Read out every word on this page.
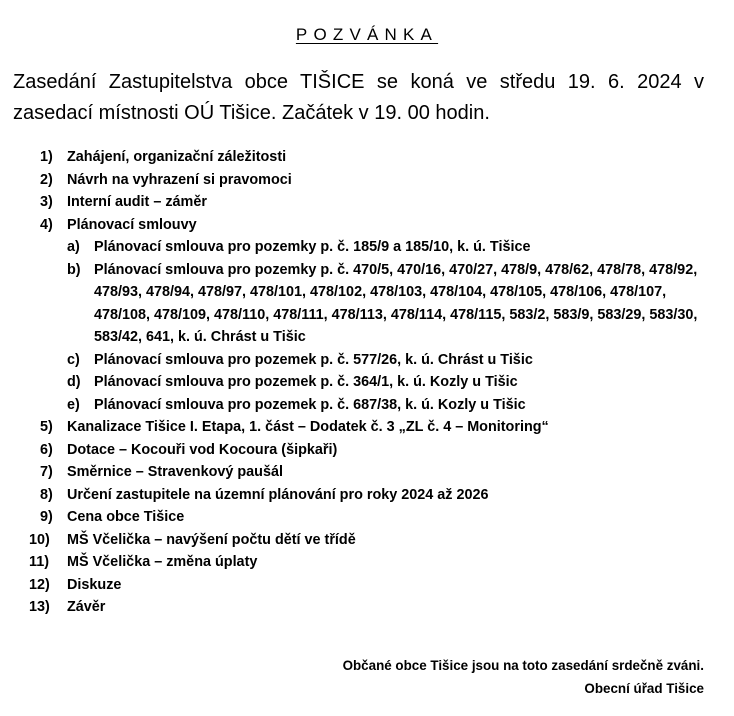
POZVÁNKA
Zasedání Zastupitelstva obce TIŠICE se koná ve středu 19. 6. 2024 v zasedací místnosti OÚ Tišice. Začátek v 19. 00 hodin.
1) Zahájení, organizační záležitosti
2) Návrh na vyhrazení si pravomoci
3) Interní audit – záměr
4) Plánovací smlouvy
a) Plánovací smlouva pro pozemky p. č. 185/9 a 185/10, k. ú. Tišice
b) Plánovací smlouva pro pozemky p. č. 470/5, 470/16, 470/27, 478/9, 478/62, 478/78, 478/92, 478/93, 478/94, 478/97, 478/101, 478/102, 478/103, 478/104, 478/105, 478/106, 478/107, 478/108, 478/109, 478/110, 478/111, 478/113, 478/114, 478/115, 583/2, 583/9, 583/29, 583/30, 583/42, 641, k. ú. Chrást u Tišic
c) Plánovací smlouva pro pozemek p. č. 577/26, k. ú. Chrást u Tišic
d) Plánovací smlouva pro pozemek p. č. 364/1, k. ú. Kozly u Tišic
e) Plánovací smlouva pro pozemek p. č. 687/38, k. ú. Kozly u Tišic
5) Kanalizace Tišice I. Etapa, 1. část – Dodatek č. 3 „ZL č. 4 – Monitoring“
6) Dotace – Kocouři vod Kocoura (šipkaři)
7) Směrnice – Stravenkový paušál
8) Určení zastupitele na územní plánování pro roky 2024 až 2026
9) Cena obce Tišice
10) MŠ Včelička – navýšení počtu dětí ve třídě
11) MŠ Včelička – změna úplaty
12) Diskuze
13) Závěr
Občané obce Tišice jsou na toto zasedání srdečně zváni.
Obecní úřad Tišice
